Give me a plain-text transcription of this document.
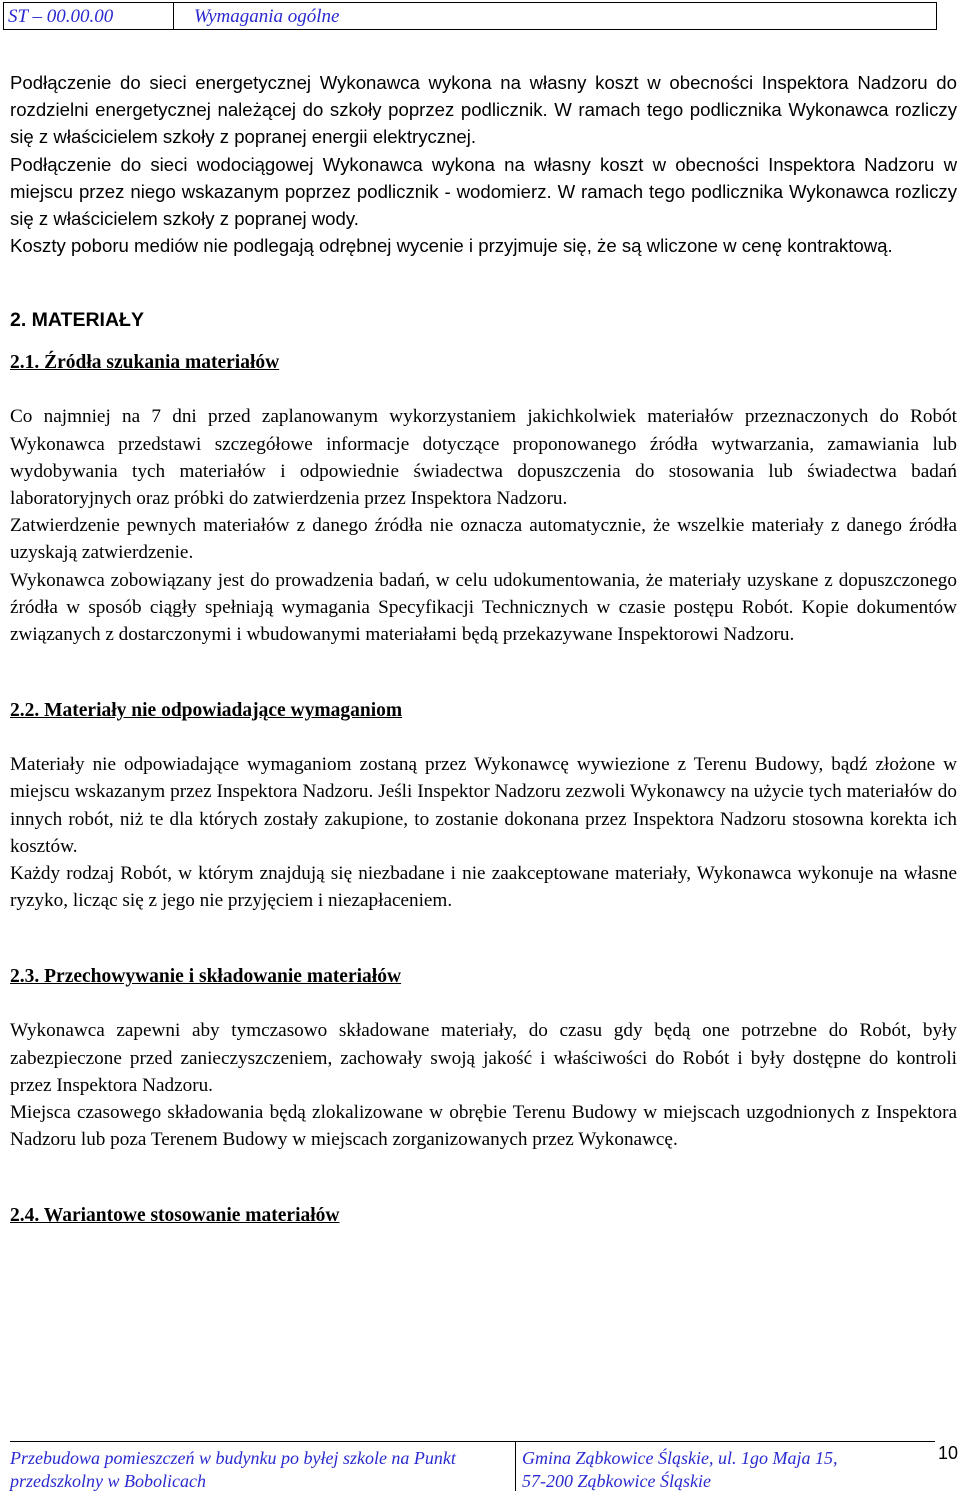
ST – 00.00.00	Wymagania ogólne

Podłączenie do sieci energetycznej Wykonawca wykona na własny koszt w obecności Inspektora Nadzoru do rozdzielni energetycznej należącej do szkoły poprzez podlicznik. W ramach tego podlicznika Wykonawca rozliczy się z właścicielem szkoły z popranej energii elektrycznej.

Podłączenie do sieci wodociągowej Wykonawca wykona na własny koszt w obecności Inspektora Nadzoru w miejscu przez niego wskazanym poprzez podlicznik - wodomierz. W ramach tego podlicznika Wykonawca rozliczy się z właścicielem szkoły z popranej wody.

Koszty poboru mediów nie podlegają odrębnej wycenie i przyjmuje się, że są wliczone w cenę kontraktową.

2. MATERIAŁY

2.1. Źródła szukania materiałów

Co najmniej na 7 dni przed zaplanowanym wykorzystaniem jakichkolwiek materiałów przeznaczonych do Robót Wykonawca przedstawi szczegółowe informacje dotyczące proponowanego źródła wytwarzania, zamawiania lub wydobywania tych materiałów i odpowiednie świadectwa dopuszczenia do stosowania lub świadectwa badań laboratoryjnych oraz próbki do zatwierdzenia przez Inspektora Nadzoru.

Zatwierdzenie pewnych materiałów z danego źródła nie oznacza automatycznie, że wszelkie materiały z danego źródła uzyskają zatwierdzenie.

Wykonawca zobowiązany jest do prowadzenia badań, w celu udokumentowania, że materiały uzyskane z dopuszczonego źródła w sposób ciągły spełniają wymagania Specyfikacji Technicznych w czasie postępu Robót. Kopie dokumentów związanych z dostarczonymi i wbudowanymi materiałami będą przekazywane Inspektorowi Nadzoru.

2.2. Materiały nie odpowiadające wymaganiom

Materiały nie odpowiadające wymaganiom zostaną przez Wykonawcę wywiezione z Terenu Budowy, bądź złożone w miejscu wskazanym przez Inspektora Nadzoru. Jeśli Inspektor Nadzoru zezwoli Wykonawcy na użycie tych materiałów do innych robót, niż te dla których zostały zakupione, to zostanie dokonana przez Inspektora Nadzoru stosowna korekta ich kosztów.

Każdy rodzaj Robót, w którym znajdują się niezbadane i nie zaakceptowane materiały, Wykonawca wykonuje na własne ryzyko, licząc się z jego nie przyjęciem i niezapłaceniem.

2.3. Przechowywanie i składowanie materiałów

Wykonawca zapewni aby tymczasowo składowane materiały, do czasu gdy będą one potrzebne do Robót, były zabezpieczone przed zanieczyszczeniem, zachowały swoją jakość i właściwości do Robót i były dostępne do kontroli przez Inspektora Nadzoru.

Miejsca czasowego składowania będą zlokalizowane w obrębie Terenu Budowy w miejscach uzgodnionych z Inspektora Nadzoru lub poza Terenem Budowy w miejscach zorganizowanych przez Wykonawcę.

2.4. Wariantowe stosowanie materiałów

Przebudowa pomieszczeń w budynku po byłej szkole na Punkt
przedszkolny w Bobolicach
Gmina Ząbkowice Śląskie, ul. 1go Maja 15,
57-200 Ząbkowice Śląskie
10
